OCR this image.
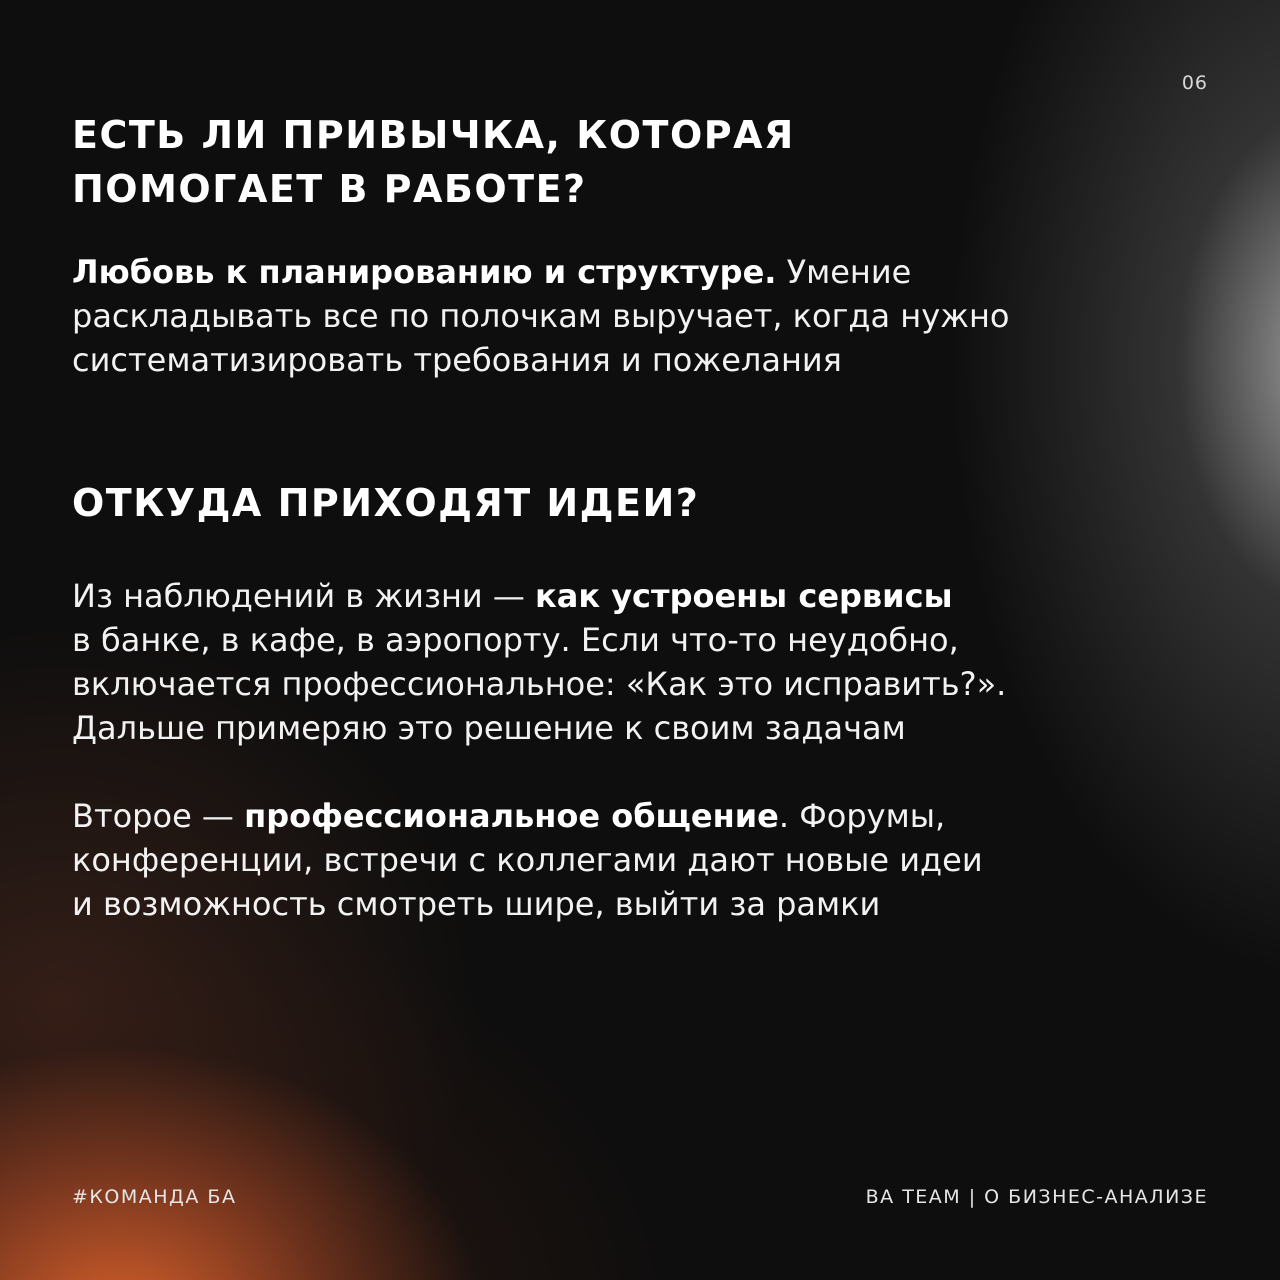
06
ЕСТЬ ЛИ ПРИВЫЧКА, КОТОРАЯ
ПОМОГАЕТ В РАБОТЕ?

Любовь к планированию и структуре. Умение
раскладывать все по полочкам выручает, когда нужно
систематизировать требования и пожелания

ОТКУДА ПРИХОДЯТ ИДЕИ?

Из наблюдений в жизни — как устроены сервисы
в банке, в кафе, в аэропорту. Если что-то неудобно,
включается профессиональное: «Как это исправить?».
Дальше примеряю это решение к своим задачам

Второе — профессиональное общение. Форумы,
конференции, встречи с коллегами дают новые идеи
и возможность смотреть шире, выйти за рамки

#КОМАНДА БА	BA TEAM | О БИЗНЕС-АНАЛИЗЕ
